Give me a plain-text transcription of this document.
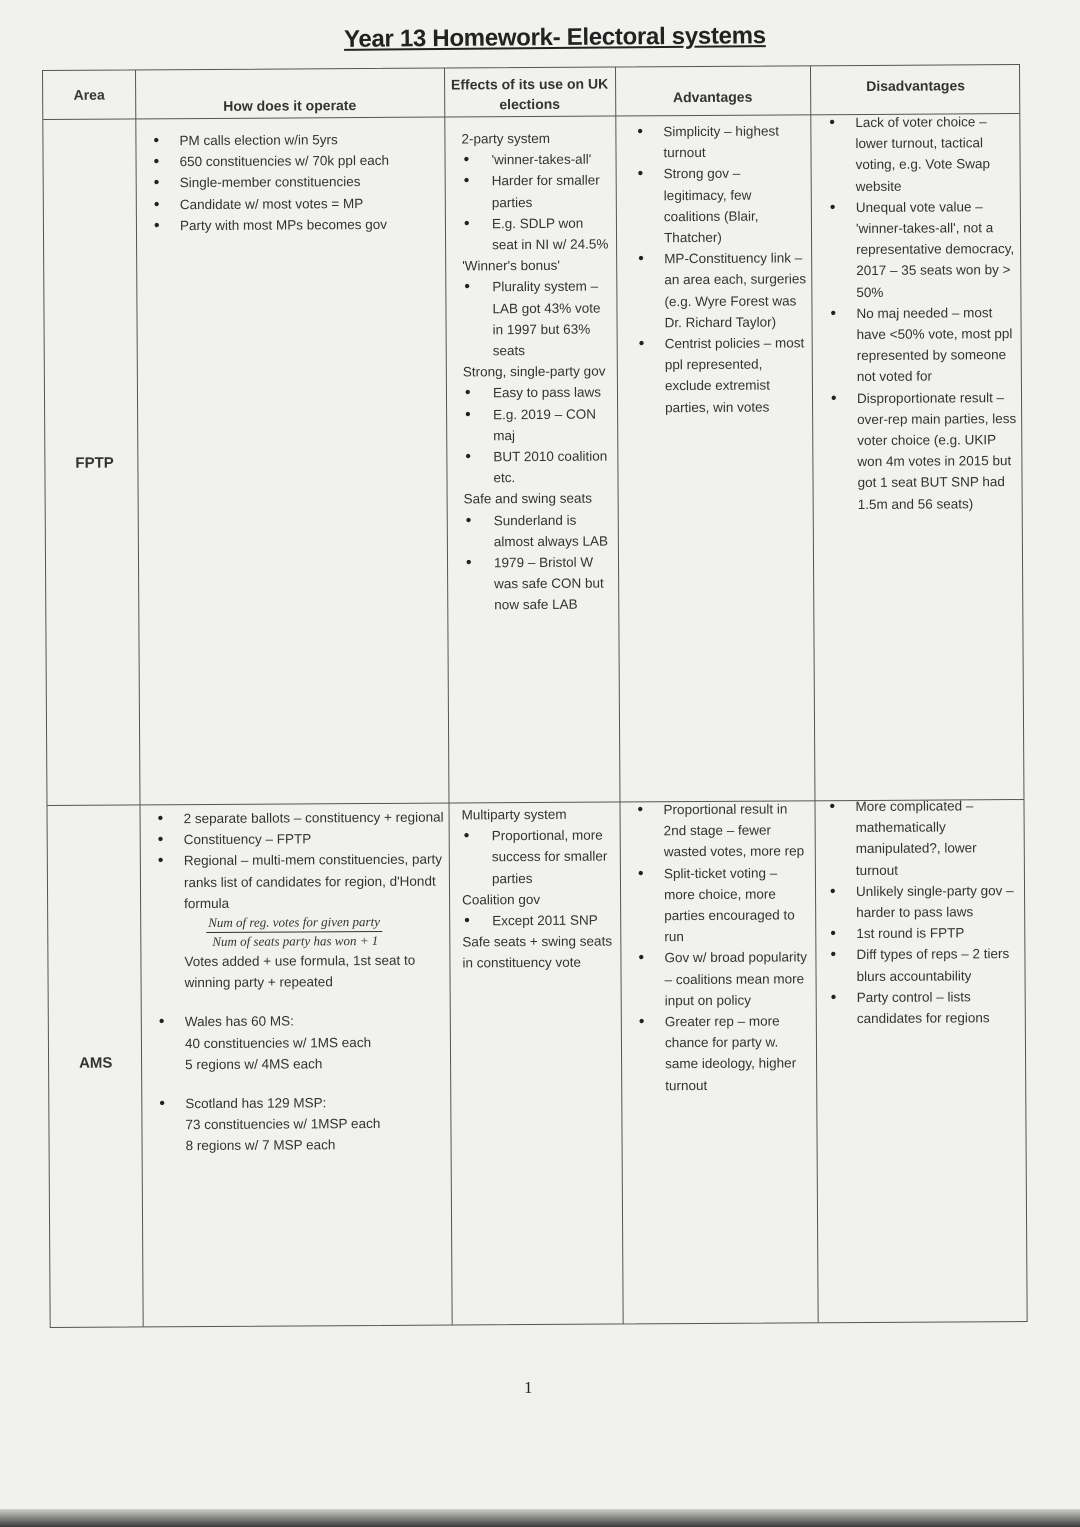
Year 13 Homework- Electoral systems
Area
How does it operate
Effects of its use on UK elections	Advantages
Disadvantages
FPTP
• PM calls election w/in 5yrs
• 650 constituencies w/ 70k ppl each
• Single-member constituencies
• Candidate w/ most votes = MP
• Party with most MPs becomes gov
2-party system
• 'winner-takes-all'
• Harder for smaller parties
• E.g. SDLP won seat in NI w/ 24.5%
'Winner's bonus'
• Plurality system – LAB got 43% vote in 1997 but 63% seats
Strong, single-party gov
• Easy to pass laws
• E.g. 2019 – CON maj
• BUT 2010 coalition etc.
Safe and swing seats
• Sunderland is almost always LAB
• 1979 – Bristol W was safe CON but now safe LAB
• Simplicity – highest turnout
• Strong gov – legitimacy, few coalitions (Blair, Thatcher)
• MP-Constituency link – an area each, surgeries (e.g. Wyre Forest was Dr. Richard Taylor)
• Centrist policies – most ppl represented, exclude extremist parties, win votes
• Lack of voter choice – lower turnout, tactical voting, e.g. Vote Swap website
• Unequal vote value – 'winner-takes-all', not a representative democracy, 2017 – 35 seats won by > 50%
• No maj needed – most have <50% vote, most ppl represented by someone not voted for
• Disproportionate result – over-rep main parties, less voter choice (e.g. UKIP won 4m votes in 2015 but got 1 seat BUT SNP had 1.5m and 56 seats)
AMS
• 2 separate ballots – constituency + regional
• Constituency – FPTP
• Regional – multi-mem constituencies, party ranks list of candidates for region, d'Hondt formula
Num of reg. votes for given party
Num of seats party has won + 1
Votes added + use formula, 1st seat to winning party + repeated
• Wales has 60 MS:
40 constituencies w/ 1MS each
5 regions w/ 4MS each
• Scotland has 129 MSP:
73 constituencies w/ 1MSP each
8 regions w/ 7 MSP each
Multiparty system
• Proportional, more success for smaller parties
Coalition gov
• Except 2011 SNP
Safe seats + swing seats in constituency vote
• Proportional result in 2nd stage – fewer wasted votes, more rep
• Split-ticket voting – more choice, more parties encouraged to run
• Gov w/ broad popularity – coalitions mean more input on policy
• Greater rep – more chance for party w. same ideology, higher turnout
• More complicated – mathematically manipulated?, lower turnout
• Unlikely single-party gov – harder to pass laws
• 1st round is FPTP
• Diff types of reps – 2 tiers blurs accountability
• Party control – lists candidates for regions
1
